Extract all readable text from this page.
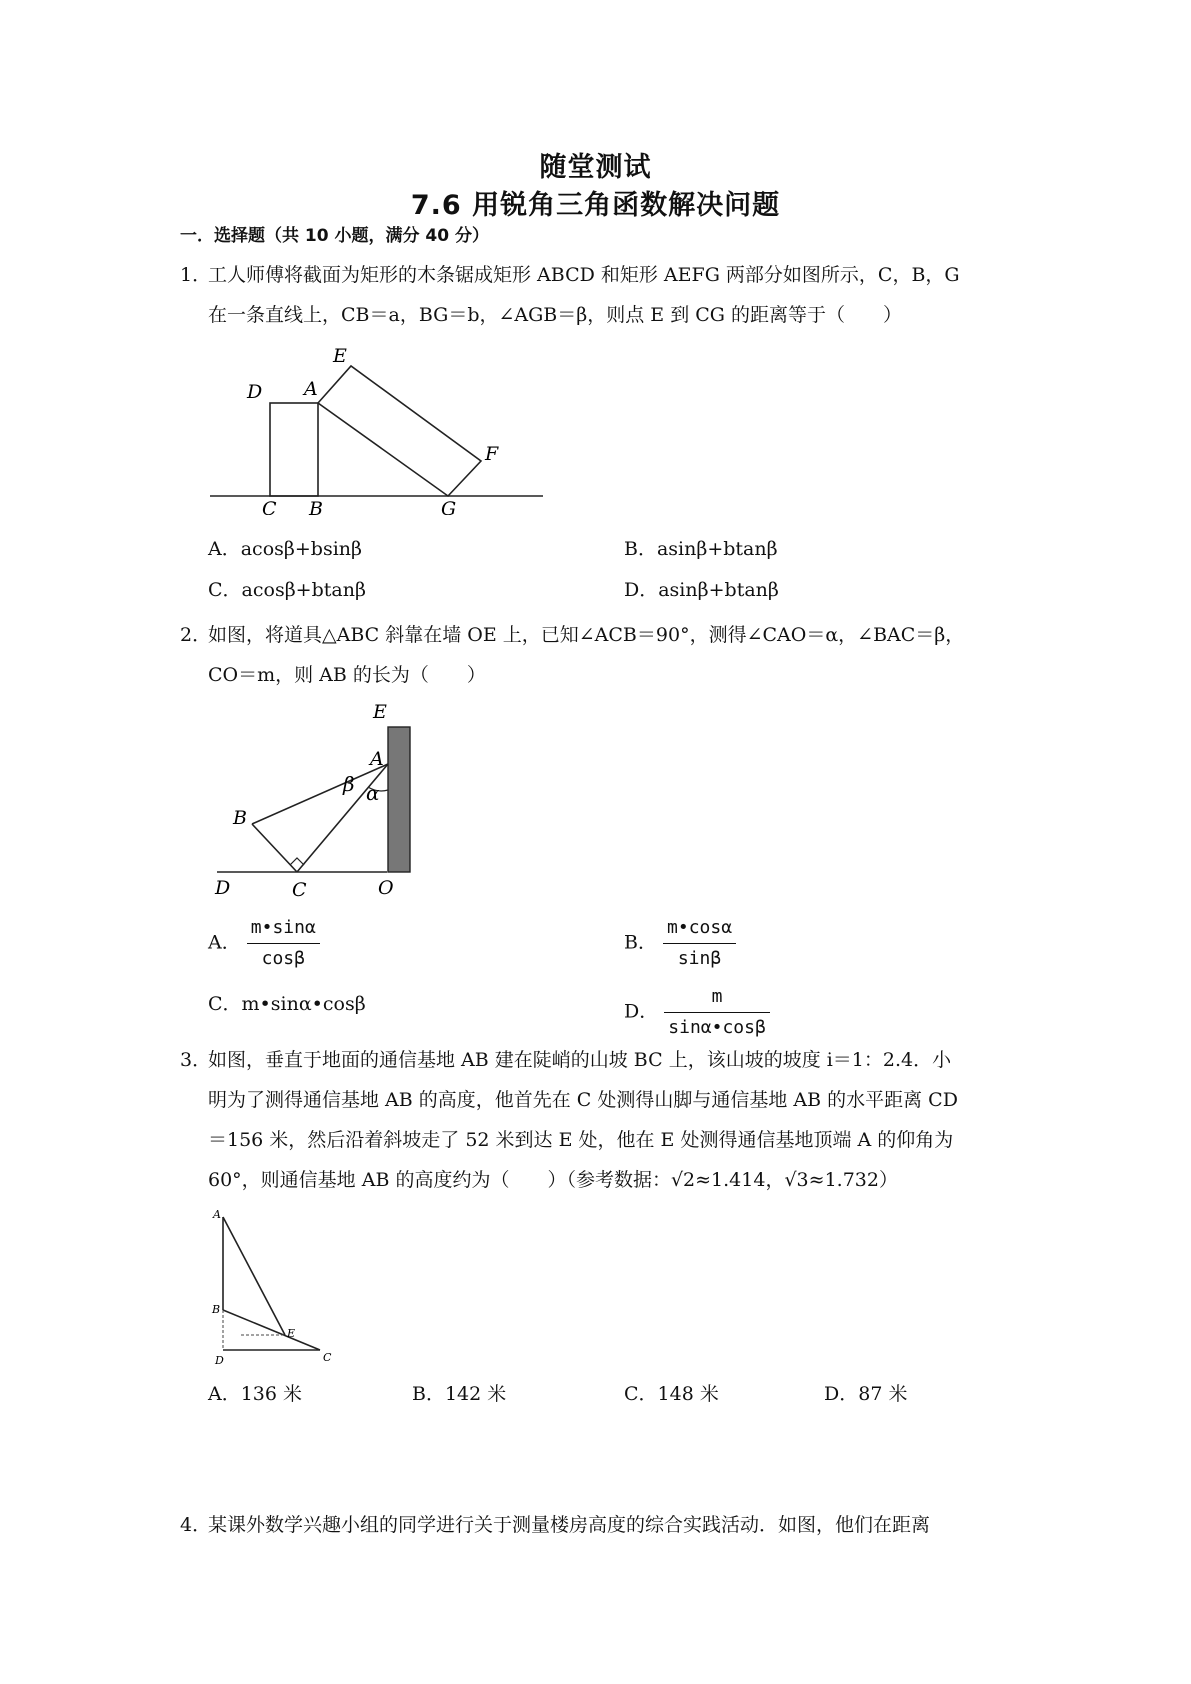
随堂测试
7.6 用锐角三角函数解决问题
一．选择题（共 10 小题，满分 40 分）
1．工人师傅将截面为矩形的木条锯成矩形 ABCD 和矩形 AEFG 两部分如图所示，C，B，G
在一条直线上，CB＝a，BG＝b，∠AGB＝β，则点 E 到 CG 的距离等于（　　）
E
D A
F
C B	G
A．acosβ+bsinβ	B．asinβ+btanβ
C．acosβ+btanβ	D．asinβ+btanβ
2．如图，将道具△ABC 斜靠在墙 OE 上，已知∠ACB＝90°，测得∠CAO＝α，∠BAC＝β，
CO＝m，则 AB 的长为（　　）
E
A
β α
B
D	C	O
A． $\frac{m•\sin\alpha}{\cos\beta}$	B． $\frac{m•\cos\alpha}{\sin\beta}$
C．m•sinα•cosβ	D． $\frac{m}{\sin\alpha•\cos\beta}$
3．如图，垂直于地面的通信基地 AB 建在陡峭的山坡 BC 上，该山坡的坡度 i＝1：2.4．小
明为了测得通信基地 AB 的高度，他首先在 C 处测得山脚与通信基地 AB 的水平距离 CD
＝156 米，然后沿着斜坡走了 52 米到达 E 处，他在 E 处测得通信基地顶端 A 的仰角为
60°，则通信基地 AB 的高度约为（　　）（参考数据：√2≈1.414，√3≈1.732）
A
B
E
D	C
A．136 米	B．142 米	C．148 米	D．87 米
4．某课外数学兴趣小组的同学进行关于测量楼房高度的综合实践活动．如图，他们在距离
